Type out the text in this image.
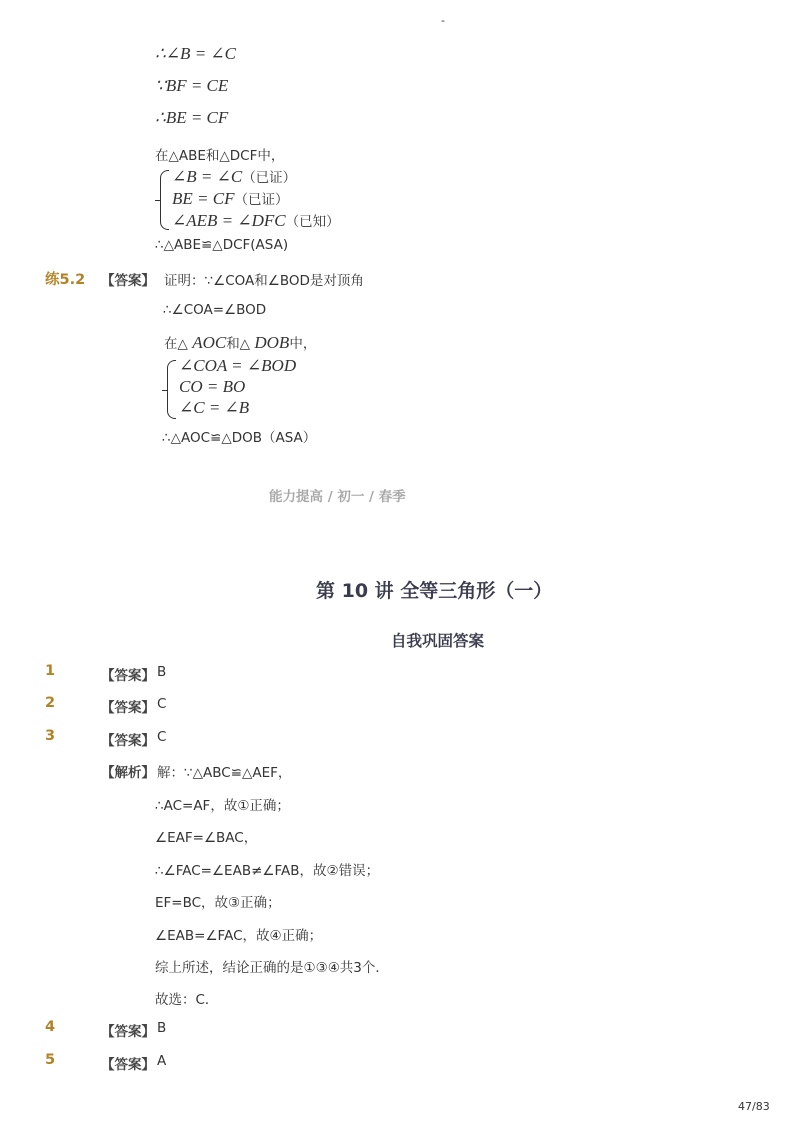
-
∴∠B = ∠C
∵BF = CE
∴BE = CF
在△ABE和△DCF中，
∠B = ∠C（已证）
BE = CF（已证）
∠AEB = ∠DFC（已知）
∴△ABE≌△DCF(ASA)
练5.2 【答案】 证明：∵∠COA和∠BOD是对顶角
∴∠COA=∠BOD
在△ AOC和△ DOB中，
∠COA = ∠BOD
CO = BO
∠C = ∠B
∴△AOC≌△DOB（ASA）
能力提高 / 初一 / 春季
第 10 讲 全等三角形（一）
自我巩固答案
1	【答案】 B
2	【答案】 C
3	【答案】 C
【解析】 解：∵△ABC≌△AEF，
∴AC=AF，故①正确；
∠EAF=∠BAC，
∴∠FAC=∠EAB≠∠FAB，故②错误；
EF=BC，故③正确；
∠EAB=∠FAC，故④正确；
综上所述，结论正确的是①③④共3个．
故选：C．
4	【答案】 B
5	【答案】 A
47/83
